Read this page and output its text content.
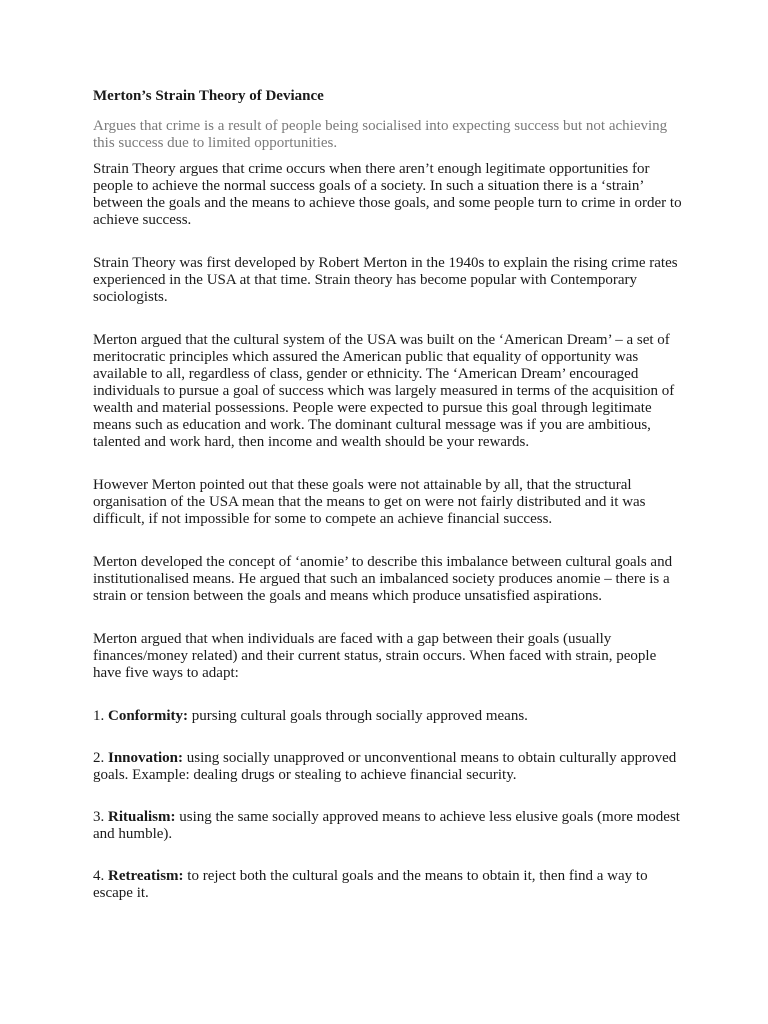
Merton’s Strain Theory of Deviance

Argues that crime is a result of people being socialised into expecting success but not achieving this success due to limited opportunities.

Strain Theory argues that crime occurs when there aren’t enough legitimate opportunities for people to achieve the normal success goals of a society. In such a situation there is a ‘strain’ between the goals and the means to achieve those goals, and some people turn to crime in order to achieve success.

Strain Theory was first developed by Robert Merton in the 1940s to explain the rising crime rates experienced in the USA at that time. Strain theory has become popular with Contemporary sociologists.

Merton argued that the cultural system of the USA was built on the ‘American Dream’ – a set of meritocratic principles which assured the American public that equality of opportunity was available to all, regardless of class, gender or ethnicity. The ‘American Dream’ encouraged individuals to pursue a goal of success which was largely measured in terms of the acquisition of wealth and material possessions. People were expected to pursue this goal through legitimate means such as education and work. The dominant cultural message was if you are ambitious, talented and work hard, then income and wealth should be your rewards.

However Merton pointed out that these goals were not attainable by all, that the structural organisation of the USA mean that the means to get on were not fairly distributed and it was difficult, if not impossible for some to compete an achieve financial success.

Merton developed the concept of ‘anomie’ to describe this imbalance between cultural goals and institutionalised means. He argued that such an imbalanced society produces anomie – there is a strain or tension between the goals and means which produce unsatisfied aspirations.

Merton argued that when individuals are faced with a gap between their goals (usually finances/money related) and their current status, strain occurs. When faced with strain, people have five ways to adapt:

1. Conformity: pursing cultural goals through socially approved means.

2. Innovation: using socially unapproved or unconventional means to obtain culturally approved goals. Example: dealing drugs or stealing to achieve financial security.

3. Ritualism: using the same socially approved means to achieve less elusive goals (more modest and humble).

4. Retreatism: to reject both the cultural goals and the means to obtain it, then find a way to escape it.
